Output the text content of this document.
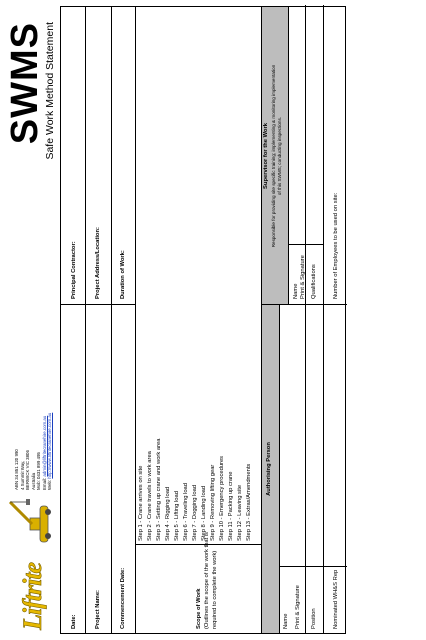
Liftrite
ABN 34 851 120 990 4 Summit Way, BERWICK VIC 3806 Australia Mob: 0431 899 495 Email: admin@liftritecranehire.com.au
Web: http://www.liftritecranehire.com.au
SWMS
Safe Work Method Statement
Date:
Principal Contractor:
Project Name:
Project Address/Location:
Commencement Date:
Duration of Work:
Scope of Work (Outlines the scope of the work that is required to complete the work)
Step 1 - Crane arrives on site Step 2 - Crane travels to work area Step 3 - Setting up crane and work area Step 4 - Rigging load Step 5 - Lifting load Step 6 - Traveling load Step 7 - Dogging load Step 8 - Landing load Step 9 - Removing lifting gear Step 10 - Emergency procedures Step 11 - Packing up crane Step 12 - Leaving site Step 13 - Extras/Amendments Authorising Person
Supervisor for the Work Responsible for providing site specific training; implementing & monitoring implementation of this SWMS; conducting inspections.
Name Print & Signature
Name Print & Signature
Position
Qualifications
Nominated WH&S Rep
Number of Employees to be used on site:
